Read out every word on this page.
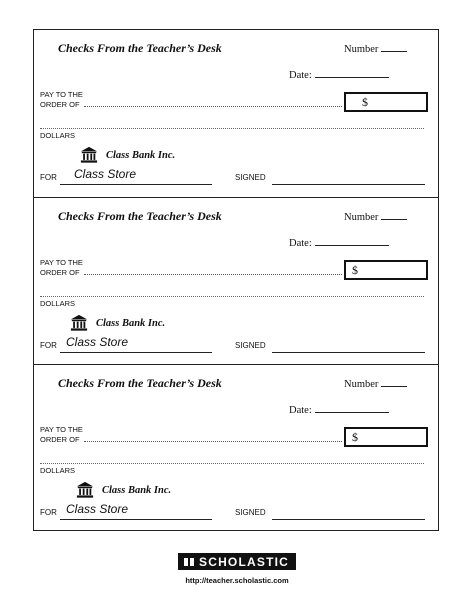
Checks From the Teacher’s Desk	Number
Date:
PAY TO THE
ORDER OF	$
DOLLARS
Class Bank Inc.
FOR Class Store	SIGNED
Checks From the Teacher’s Desk	Number
Date:
PAY TO THE
ORDER OF	$
DOLLARS
Class Bank Inc.
FOR Class Store	SIGNED
Checks From the Teacher’s Desk	Number
Date:
PAY TO THE
ORDER OF	$
DOLLARS
Class Bank Inc.
FOR Class Store	SIGNED
SCHOLASTIC
http://teacher.scholastic.com
